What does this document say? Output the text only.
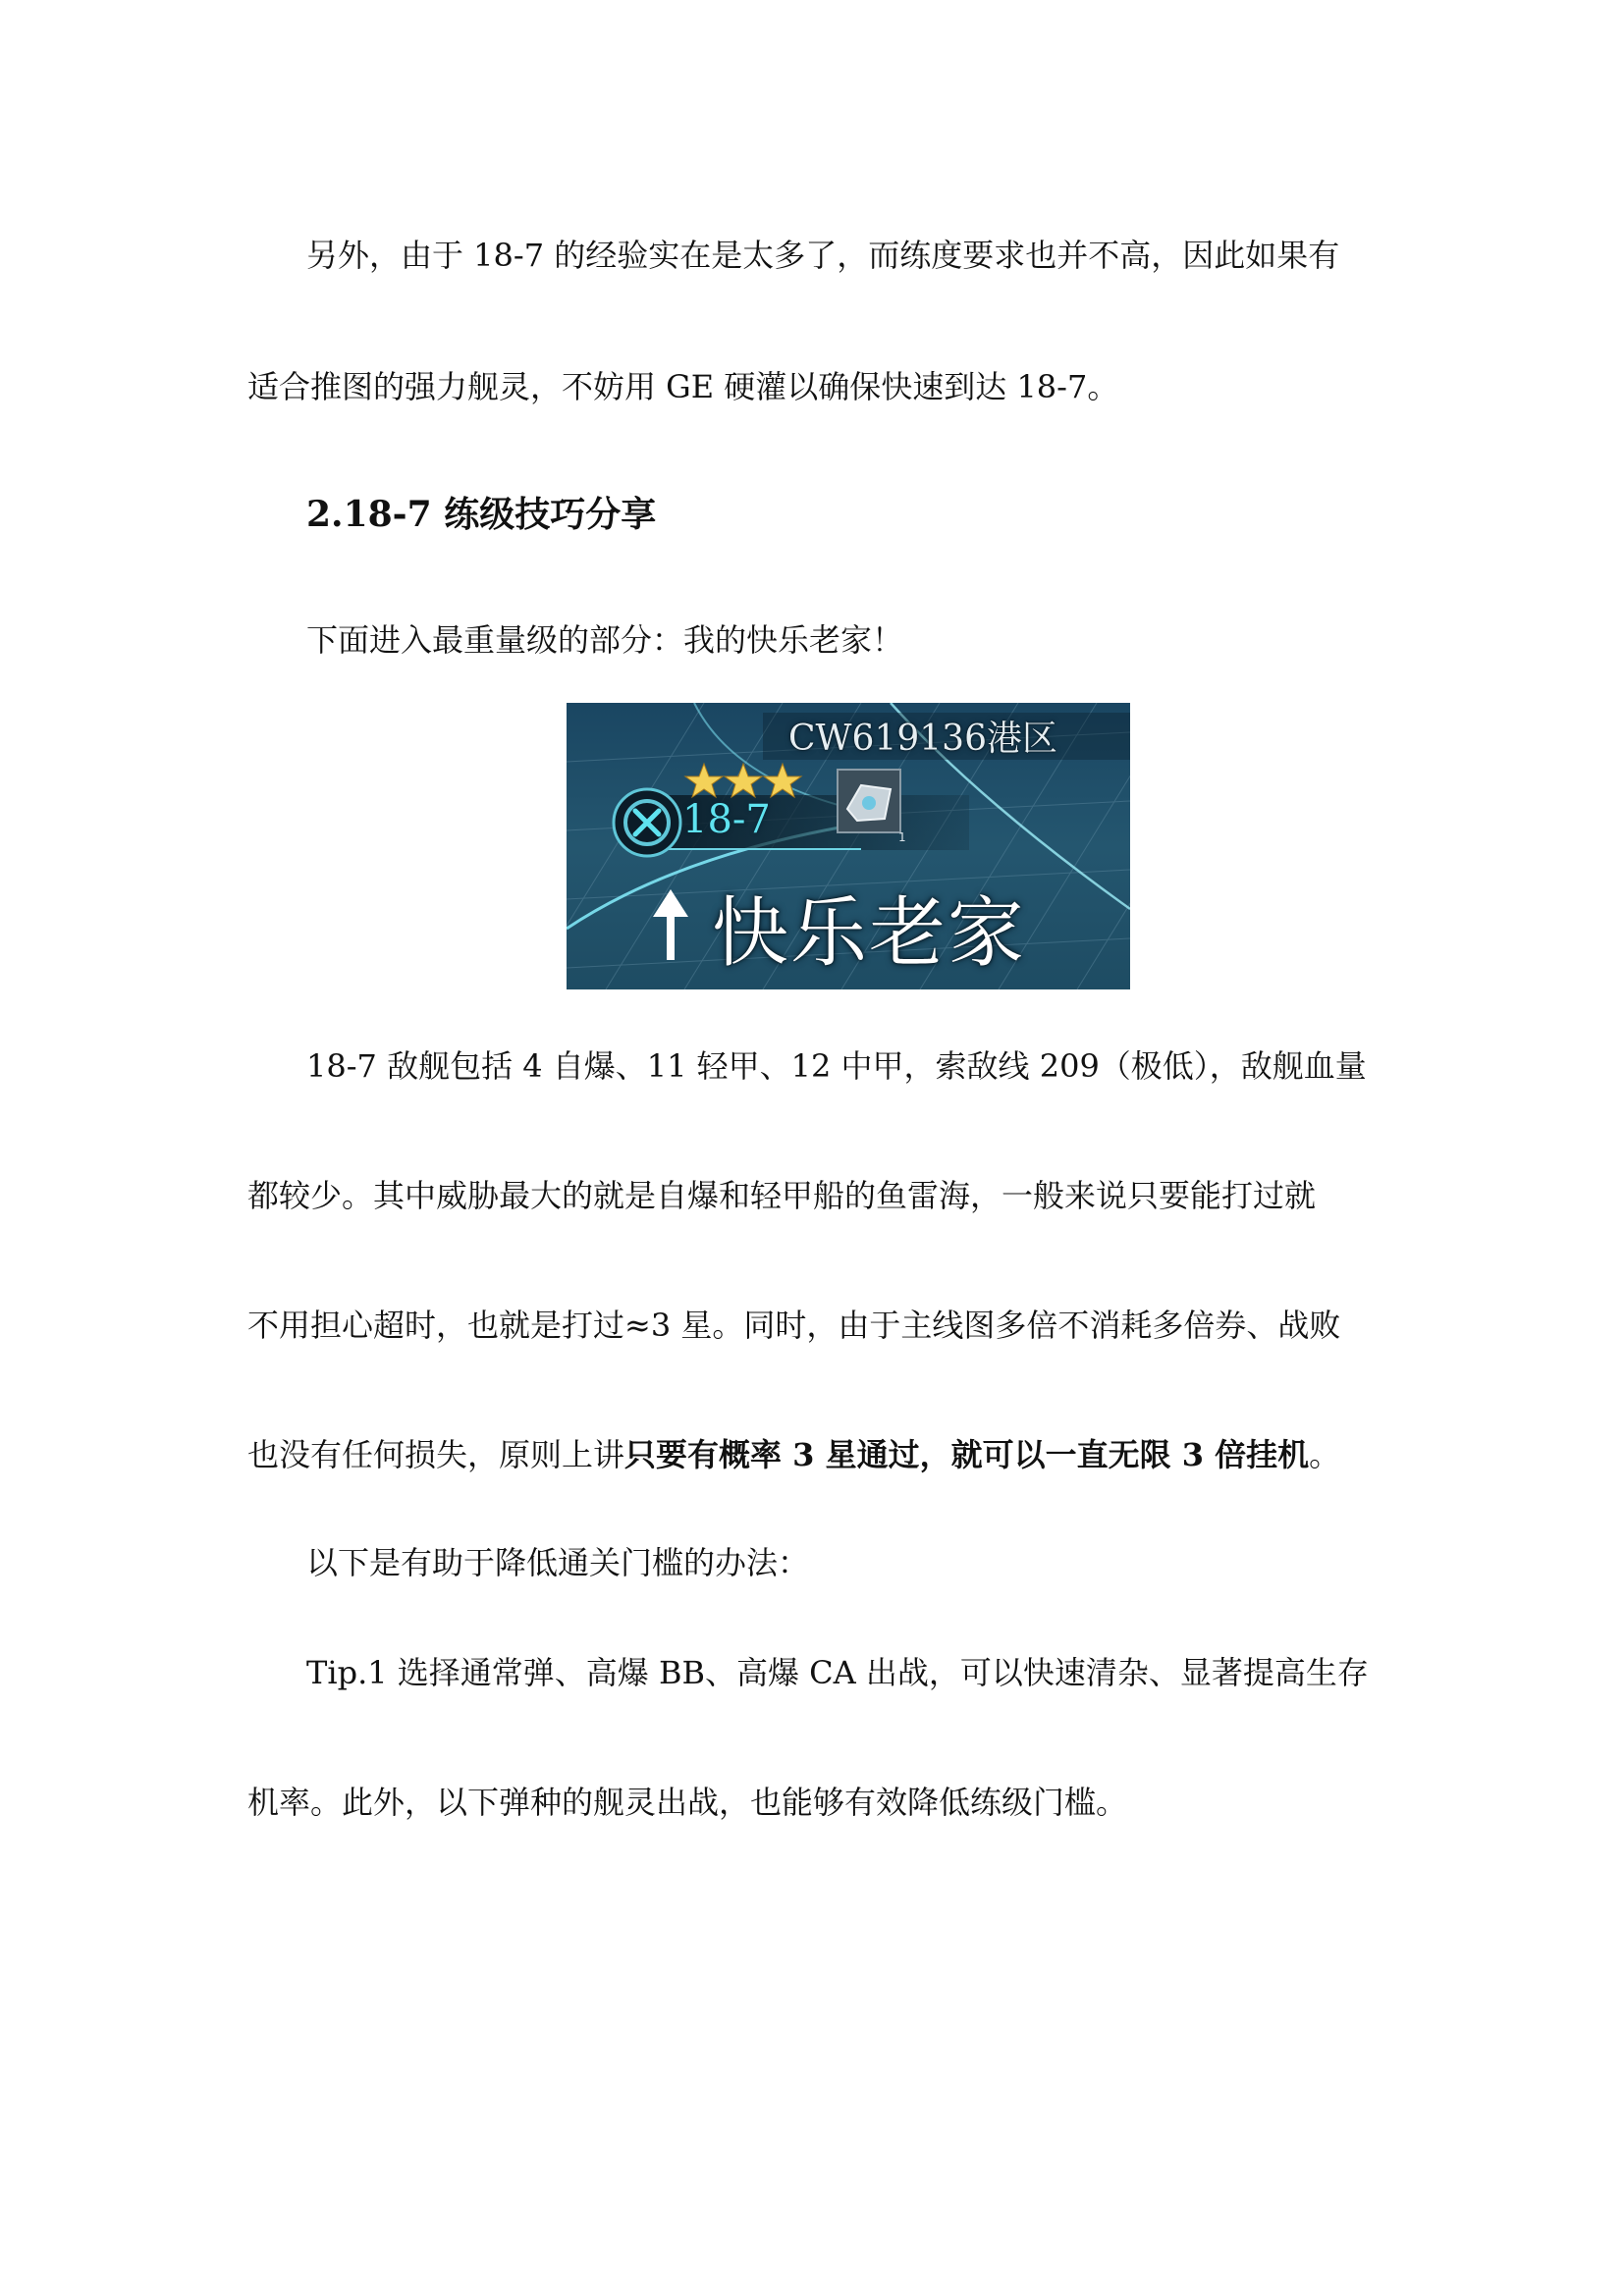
另外，由于 18-7 的经验实在是太多了，而练度要求也并不高，因此如果有
适合推图的强力舰灵，不妨用 GE 硬灌以确保快速到达 18-7。
2.18-7 练级技巧分享
下面进入最重量级的部分：我的快乐老家！
CW619136港区
18-7	1
快乐老家
18-7 敌舰包括 4 自爆、11 轻甲、12 中甲，索敌线 209（极低），敌舰血量
都较少。其中威胁最大的就是自爆和轻甲船的鱼雷海，一般来说只要能打过就
不用担心超时，也就是打过≈3 星。同时，由于主线图多倍不消耗多倍券、战败
也没有任何损失，原则上讲只要有概率 3 星通过，就可以一直无限 3 倍挂机。
以下是有助于降低通关门槛的办法：
Tip.1 选择通常弹、高爆 BB、高爆 CA 出战，可以快速清杂、显著提高生存
机率。此外，以下弹种的舰灵出战，也能够有效降低练级门槛。
